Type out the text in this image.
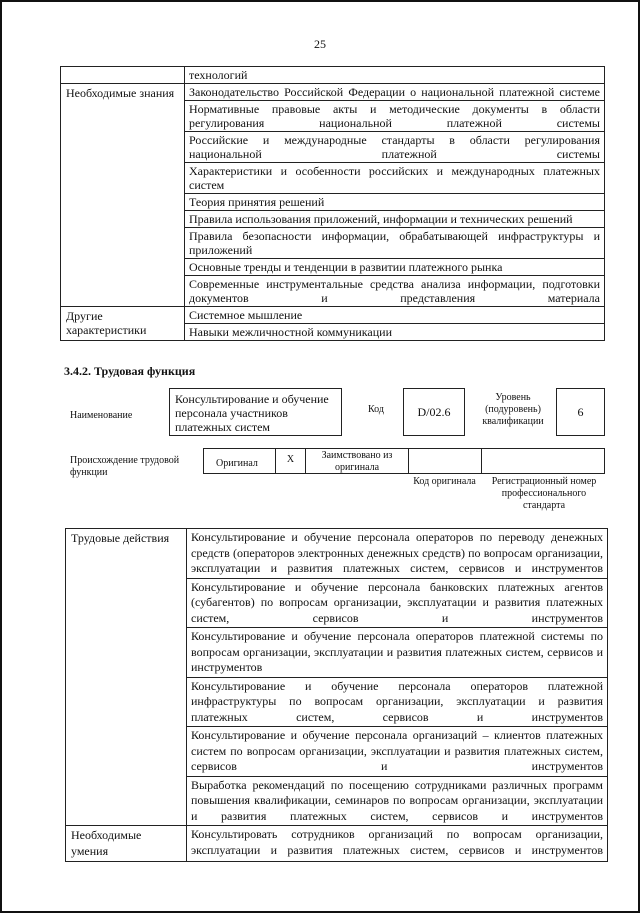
25
	технологий
Необходимые знания	Законодательство Российской Федерации о национальной платежной системе
	Нормативные правовые акты и методические документы в области регулирования национальной платежной системы
	Российские и международные стандарты в области регулирования национальной платежной системы
	Характеристики и особенности российских и международных платежных систем
	Теория принятия решений
	Правила использования приложений, информации и технических решений
	Правила безопасности информации, обрабатывающей инфраструктуры и приложений
	Основные тренды и тенденции в развитии платежного рынка
	Современные инструментальные средства анализа информации, подготовки документов и представления материала
Другие характеристики	Системное мышление
	Навыки межличностной коммуникации
3.4.2. Трудовая функция
Наименование
Консультирование и обучение персонала участников платежных систем
Код	D/02.6
Уровень (подуровень) квалификации
6
Происхождение трудовой функции
Оригинал	X	Заимствовано из оригинала
Код оригинала	Регистрационный номер профессионального стандарта
Трудовые действия	Консультирование и обучение персонала операторов по переводу денежных средств (операторов электронных денежных средств) по вопросам организации, эксплуатации и развития платежных систем, сервисов и инструментов
	Консультирование и обучение персонала банковских платежных агентов (субагентов) по вопросам организации, эксплуатации и развития платежных систем, сервисов и инструментов
	Консультирование и обучение персонала операторов платежной системы по вопросам организации, эксплуатации и развития платежных систем, сервисов и инструментов
	Консультирование и обучение персонала операторов платежной инфраструктуры по вопросам организации, эксплуатации и развития платежных систем, сервисов и инструментов
	Консультирование и обучение персонала организаций – клиентов платежных систем по вопросам организации, эксплуатации и развития платежных систем, сервисов и инструментов
	Выработка рекомендаций по посещению сотрудниками различных программ повышения квалификации, семинаров по вопросам организации, эксплуатации и развития платежных систем, сервисов и инструментов
Необходимые умения	Консультировать сотрудников организаций по вопросам организации, эксплуатации и развития платежных систем, сервисов и инструментов
